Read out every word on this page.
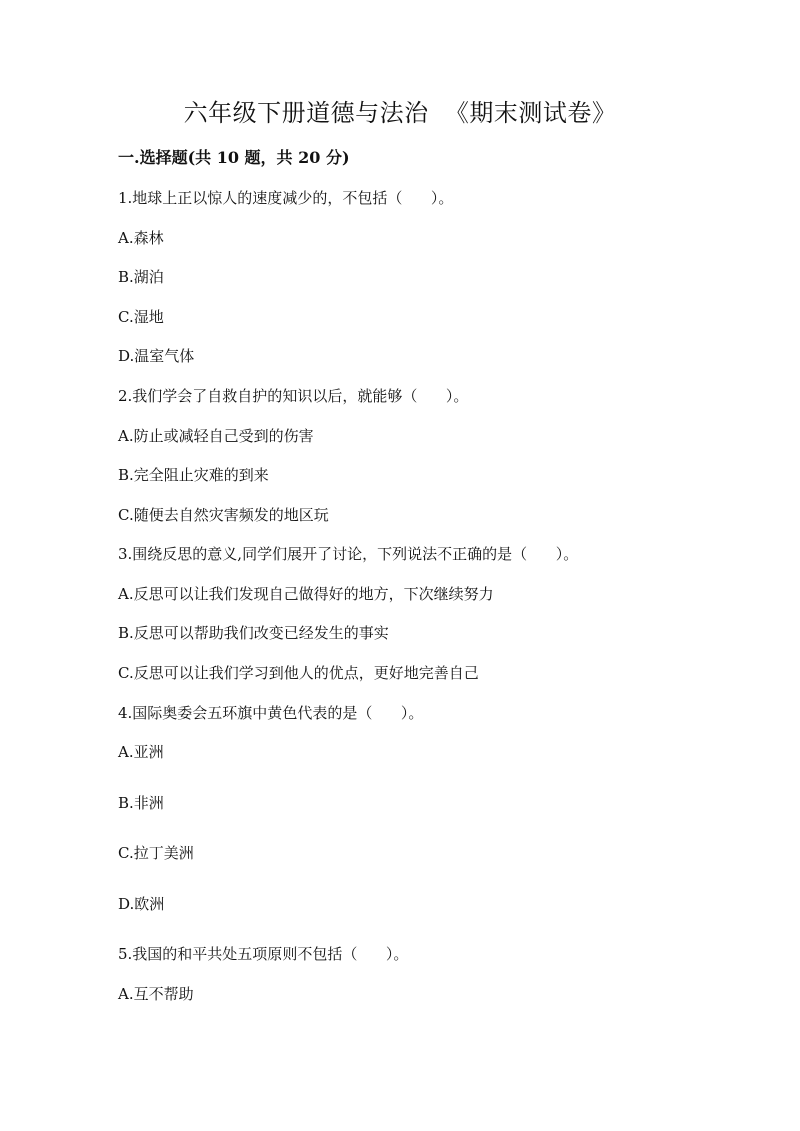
六年级下册道德与法治  《期末测试卷》
一.选择题(共 10 题，共 20 分)
1.地球上正以惊人的速度减少的，不包括（      ）。
A.森林
B.湖泊
C.湿地
D.温室气体
2.我们学会了自救自护的知识以后，就能够（      ）。
A.防止或减轻自己受到的伤害
B.完全阻止灾难的到来
C.随便去自然灾害频发的地区玩
3.围绕反思的意义,同学们展开了讨论，下列说法不正确的是（      ）。
A.反思可以让我们发现自己做得好的地方，下次继续努力
B.反思可以帮助我们改变已经发生的事实
C.反思可以让我们学习到他人的优点，更好地完善自己
4.国际奥委会五环旗中黄色代表的是（      ）。
A.亚洲
B.非洲
C.拉丁美洲
D.欧洲
5.我国的和平共处五项原则不包括（      ）。
A.互不帮助
